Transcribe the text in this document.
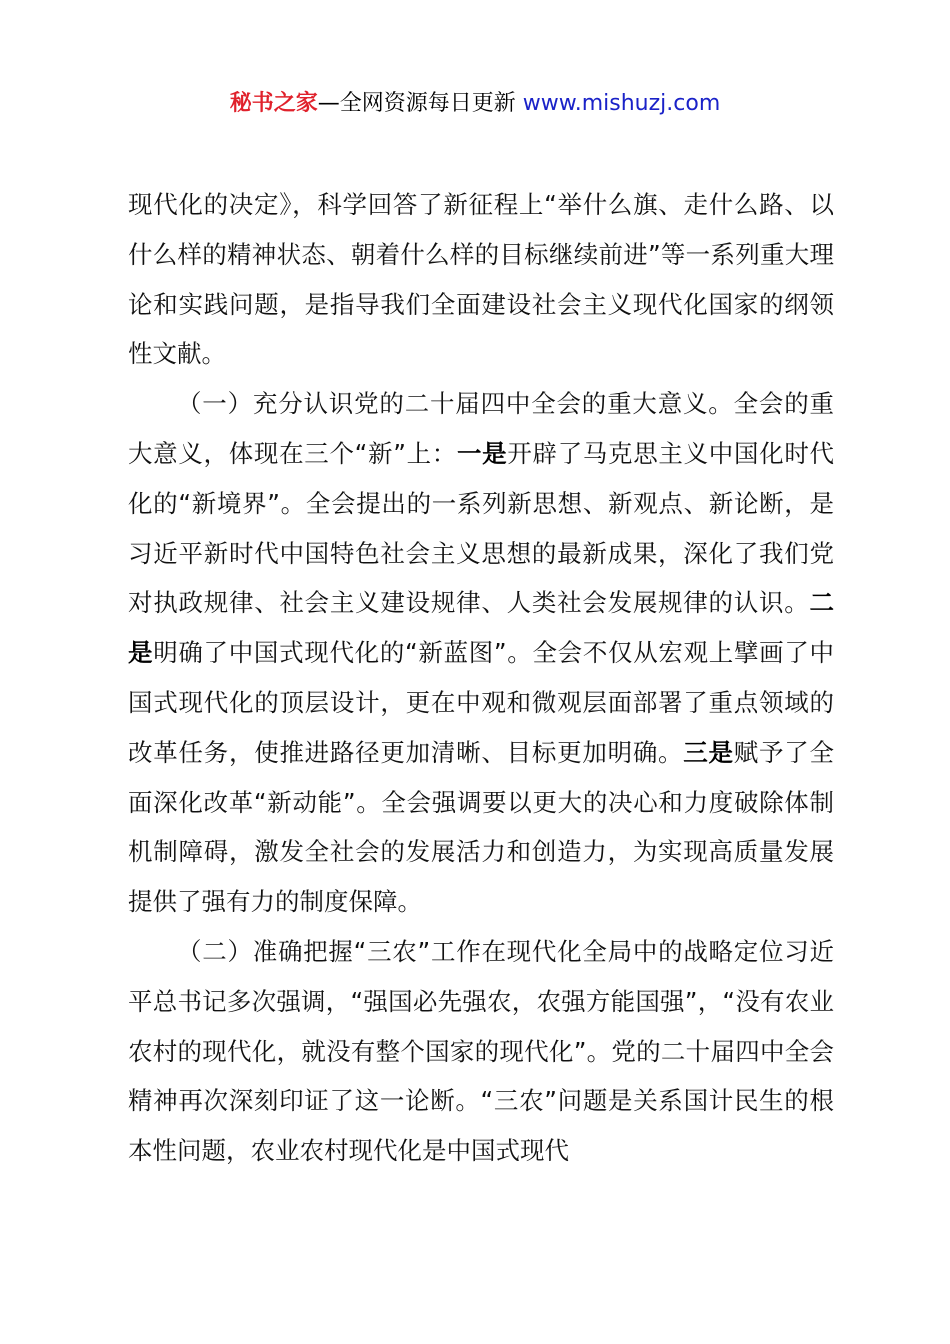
秘书之家—全网资源每日更新 www.mishuzj.com

现代化的决定》，科学回答了新征程上“举什么旗、走什么路、以什么样的精神状态、朝着什么样的目标继续前进”等一系列重大理论和实践问题，是指导我们全面建设社会主义现代化国家的纲领性文献。

（一）充分认识党的二十届四中全会的重大意义。全会的重大意义，体现在三个“新”上：一是开辟了马克思主义中国化时代化的“新境界”。全会提出的一系列新思想、新观点、新论断，是习近平新时代中国特色社会主义思想的最新成果，深化了我们党对执政规律、社会主义建设规律、人类社会发展规律的认识。二是明确了中国式现代化的“新蓝图”。全会不仅从宏观上擘画了中国式现代化的顶层设计，更在中观和微观层面部署了重点领域的改革任务，使推进路径更加清晰、目标更加明确。三是赋予了全面深化改革“新动能”。全会强调要以更大的决心和力度破除体制机制障碍，激发全社会的发展活力和创造力，为实现高质量发展提供了强有力的制度保障。

（二）准确把握“三农”工作在现代化全局中的战略定位习近平总书记多次强调，“强国必先强农，农强方能国强”，“没有农业农村的现代化，就没有整个国家的现代化”。党的二十届四中全会精神再次深刻印证了这一论断。“三农”问题是关系国计民生的根本性问题，农业农村现代化是中国式现代
